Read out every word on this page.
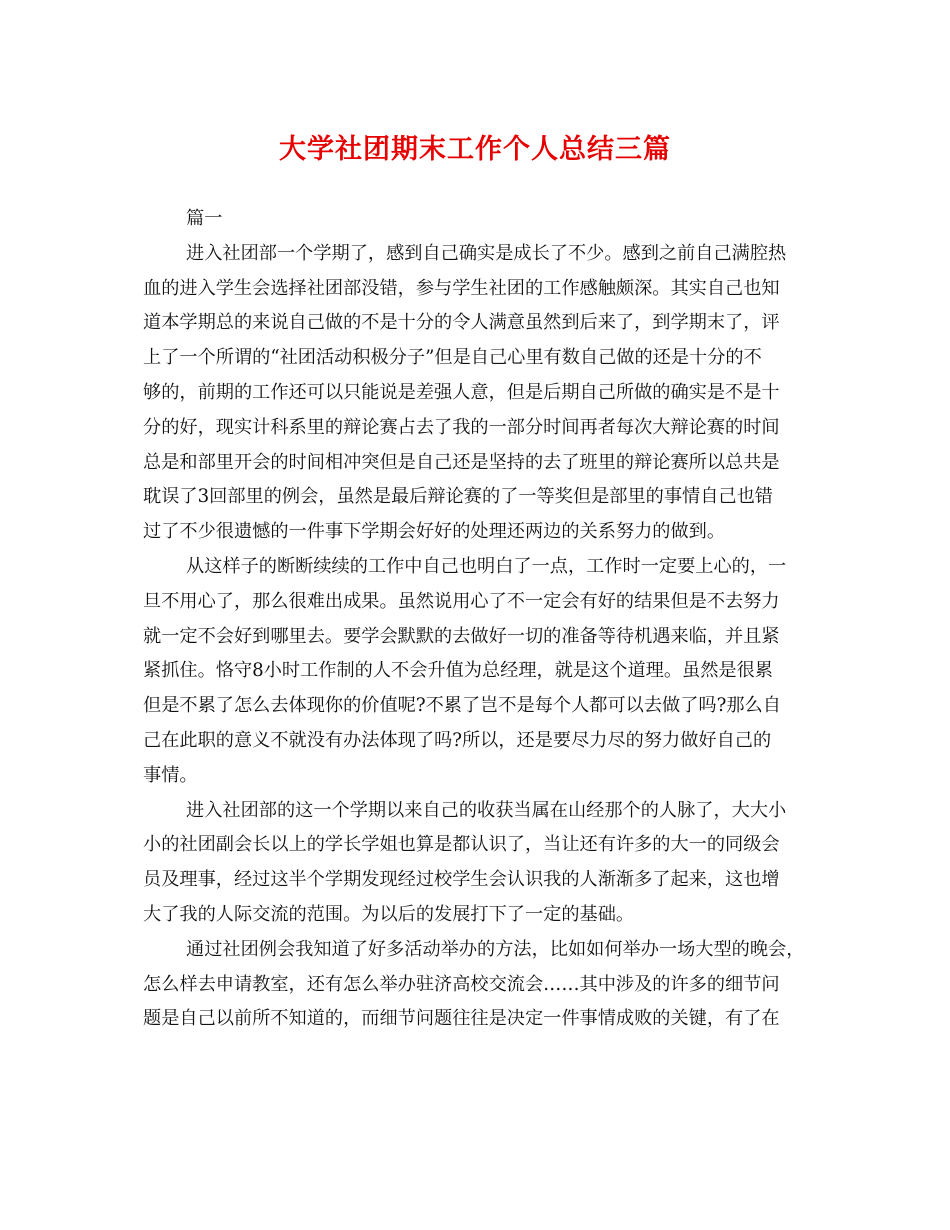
大学社团期末工作个人总结三篇
篇一
进入社团部一个学期了，感到自己确实是成长了不少。感到之前自己满腔热
血的进入学生会选择社团部没错，参与学生社团的工作感触颇深。其实自己也知
道本学期总的来说自己做的不是十分的令人满意虽然到后来了，到学期末了，评
上了一个所谓的“社团活动积极分子”但是自己心里有数自己做的还是十分的不
够的，前期的工作还可以只能说是差强人意，但是后期自己所做的确实是不是十
分的好，现实计科系里的辩论赛占去了我的一部分时间再者每次大辩论赛的时间
总是和部里开会的时间相冲突但是自己还是坚持的去了班里的辩论赛所以总共是
耽误了3回部里的例会，虽然是最后辩论赛的了一等奖但是部里的事情自己也错
过了不少很遗憾的一件事下学期会好好的处理还两边的关系努力的做到。
从这样子的断断续续的工作中自己也明白了一点，工作时一定要上心的，一
旦不用心了，那么很难出成果。虽然说用心了不一定会有好的结果但是不去努力
就一定不会好到哪里去。要学会默默的去做好一切的准备等待机遇来临，并且紧
紧抓住。恪守8小时工作制的人不会升值为总经理，就是这个道理。虽然是很累
但是不累了怎么去体现你的价值呢?不累了岂不是每个人都可以去做了吗?那么自
己在此职的意义不就没有办法体现了吗?所以，还是要尽力尽的努力做好自己的
事情。
进入社团部的这一个学期以来自己的收获当属在山经那个的人脉了，大大小
小的社团副会长以上的学长学姐也算是都认识了，当让还有许多的大一的同级会
员及理事，经过这半个学期发现经过校学生会认识我的人渐渐多了起来，这也增
大了我的人际交流的范围。为以后的发展打下了一定的基础。
通过社团例会我知道了好多活动举办的方法，比如如何举办一场大型的晚会，
怎么样去申请教室，还有怎么举办驻济高校交流会……其中涉及的许多的细节问
题是自己以前所不知道的，而细节问题往往是决定一件事情成败的关键，有了在
